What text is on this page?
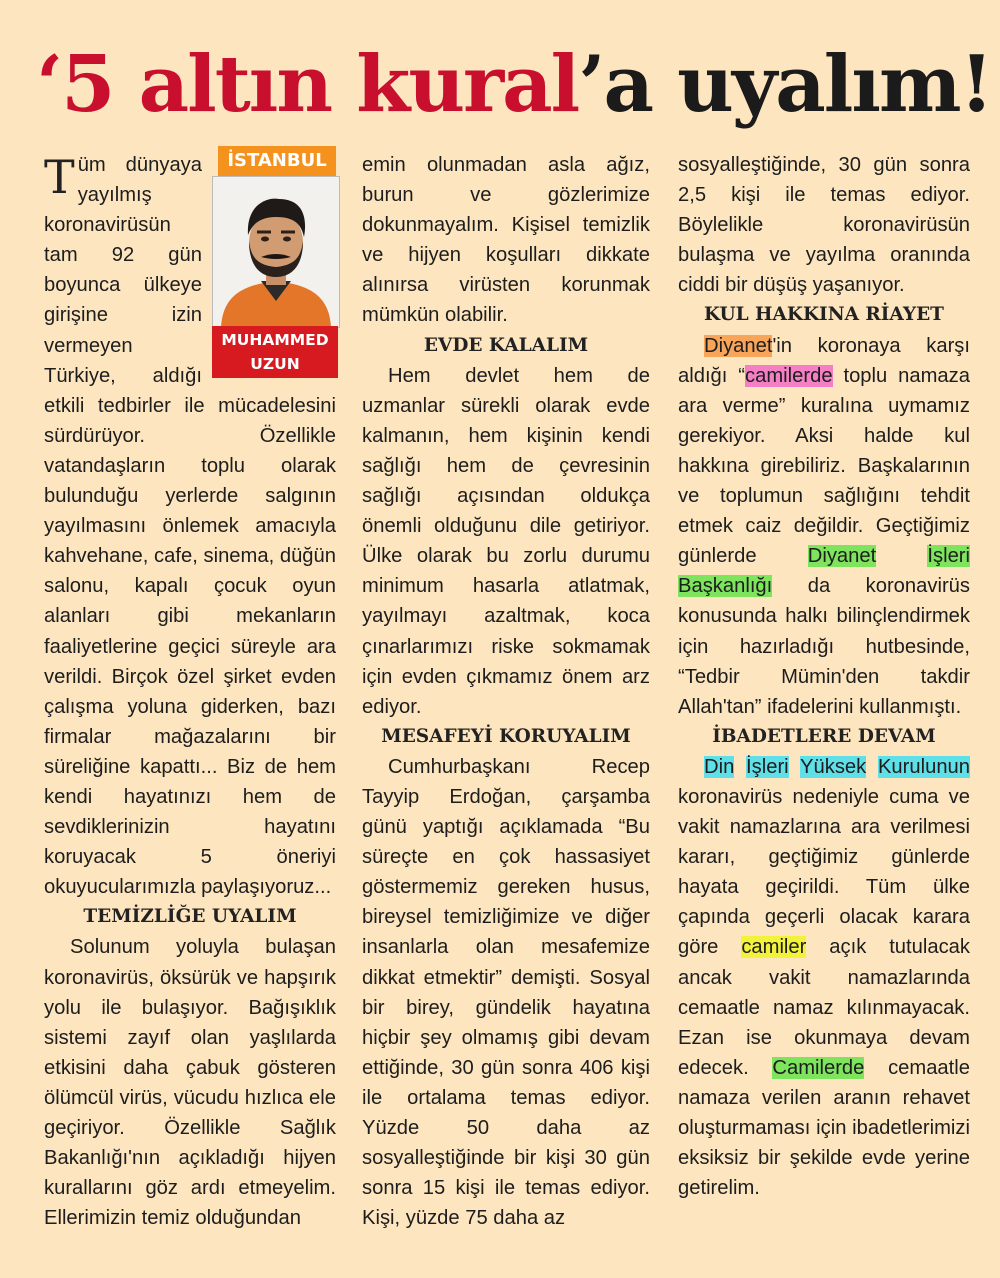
‘5 altın kural’a uyalım!
İSTANBUL
MUHAMMED
UZUN

Tüm dünyaya yayılmış koronavirüsün tam 92 gün boyunca ülkeye girişine izin vermeyen Türkiye, aldığı etkili tedbirler ile mücadelesini sürdürüyor. Özellikle vatandaşların toplu olarak bulunduğu yerlerde salgının yayılmasını önlemek amacıyla kahvehane, cafe, sinema, düğün salonu, kapalı çocuk oyun alanları gibi mekanların faaliyetlerine geçici süreyle ara verildi. Birçok özel şirket evden çalışma yoluna giderken, bazı firmalar mağazalarını bir süreliğine kapattı... Biz de hem kendi hayatınızı hem de sevdiklerinizin hayatını koruyacak 5 öneriyi okuyucularımızla paylaşıyoruz...

TEMİZLİĞE UYALIM

Solunum yoluyla bulaşan koronavirüs, öksürük ve hapşırık yolu ile bulaşıyor. Bağışıklık sistemi zayıf olan yaşlılarda etkisini daha çabuk gösteren ölümcül virüs, vücudu hızlıca ele geçiriyor. Özellikle Sağlık Bakanlığı'nın açıkladığı hijyen kurallarını göz ardı etmeyelim. Ellerimizin temiz olduğundan

emin olunmadan asla ağız, burun ve gözlerimize dokunmayalım. Kişisel temizlik ve hijyen koşulları dikkate alınırsa virüsten korunmak mümkün olabilir.

EVDE KALALIM

Hem devlet hem de uzmanlar sürekli olarak evde kalmanın, hem kişinin kendi sağlığı hem de çevresinin sağlığı açısından oldukça önemli olduğunu dile getiriyor. Ülke olarak bu zorlu durumu minimum hasarla atlatmak, yayılmayı azaltmak, koca çınarlarımızı riske sokmamak için evden çıkmamız önem arz ediyor.

MESAFEYİ KORUYALIM

Cumhurbaşkanı Recep Tayyip Erdoğan, çarşamba günü yaptığı açıklamada “Bu süreçte en çok hassasiyet göstermemiz gereken husus, bireysel temizliğimize ve diğer insanlarla olan mesafemize dikkat etmektir” demişti. Sosyal bir birey, gündelik hayatına hiçbir şey olmamış gibi devam ettiğinde, 30 gün sonra 406 kişi ile ortalama temas ediyor. Yüzde 50 daha az sosyalleştiğinde bir kişi 30 gün sonra 15 kişi ile temas ediyor. Kişi, yüzde 75 daha az

sosyalleştiğinde, 30 gün sonra 2,5 kişi ile temas ediyor. Böylelikle koronavirüsün bulaşma ve yayılma oranında ciddi bir düşüş yaşanıyor.

KUL HAKKINA RİAYET

Diyanet'in koronaya karşı aldığı “camilerde toplu namaza ara verme” kuralına uymamız gerekiyor. Aksi halde kul hakkına girebiliriz. Başkalarının ve toplumun sağlığını tehdit etmek caiz değildir. Geçtiğimiz günlerde Diyanet	İşleri Başkanlığı da koronavirüs konusunda halkı bilinçlendirmek için hazırladığı hutbesinde, “Tedbir Mümin'den takdir Allah'tan” ifadelerini kullanmıştı.

İBADETLERE DEVAM

Din İşleri Yüksek Kurulunun koronavirüs nedeniyle cuma ve vakit namazlarına ara verilmesi kararı, geçtiğimiz günlerde hayata geçirildi. Tüm ülke çapında geçerli olacak karara göre camiler açık tutulacak ancak vakit namazlarında cemaatle namaz kılınmayacak. Ezan ise okunmaya devam edecek. Camilerde cemaatle namaza verilen aranın rehavet oluşturmaması için ibadetlerimizi eksiksiz bir şekilde evde yerine getirelim.
